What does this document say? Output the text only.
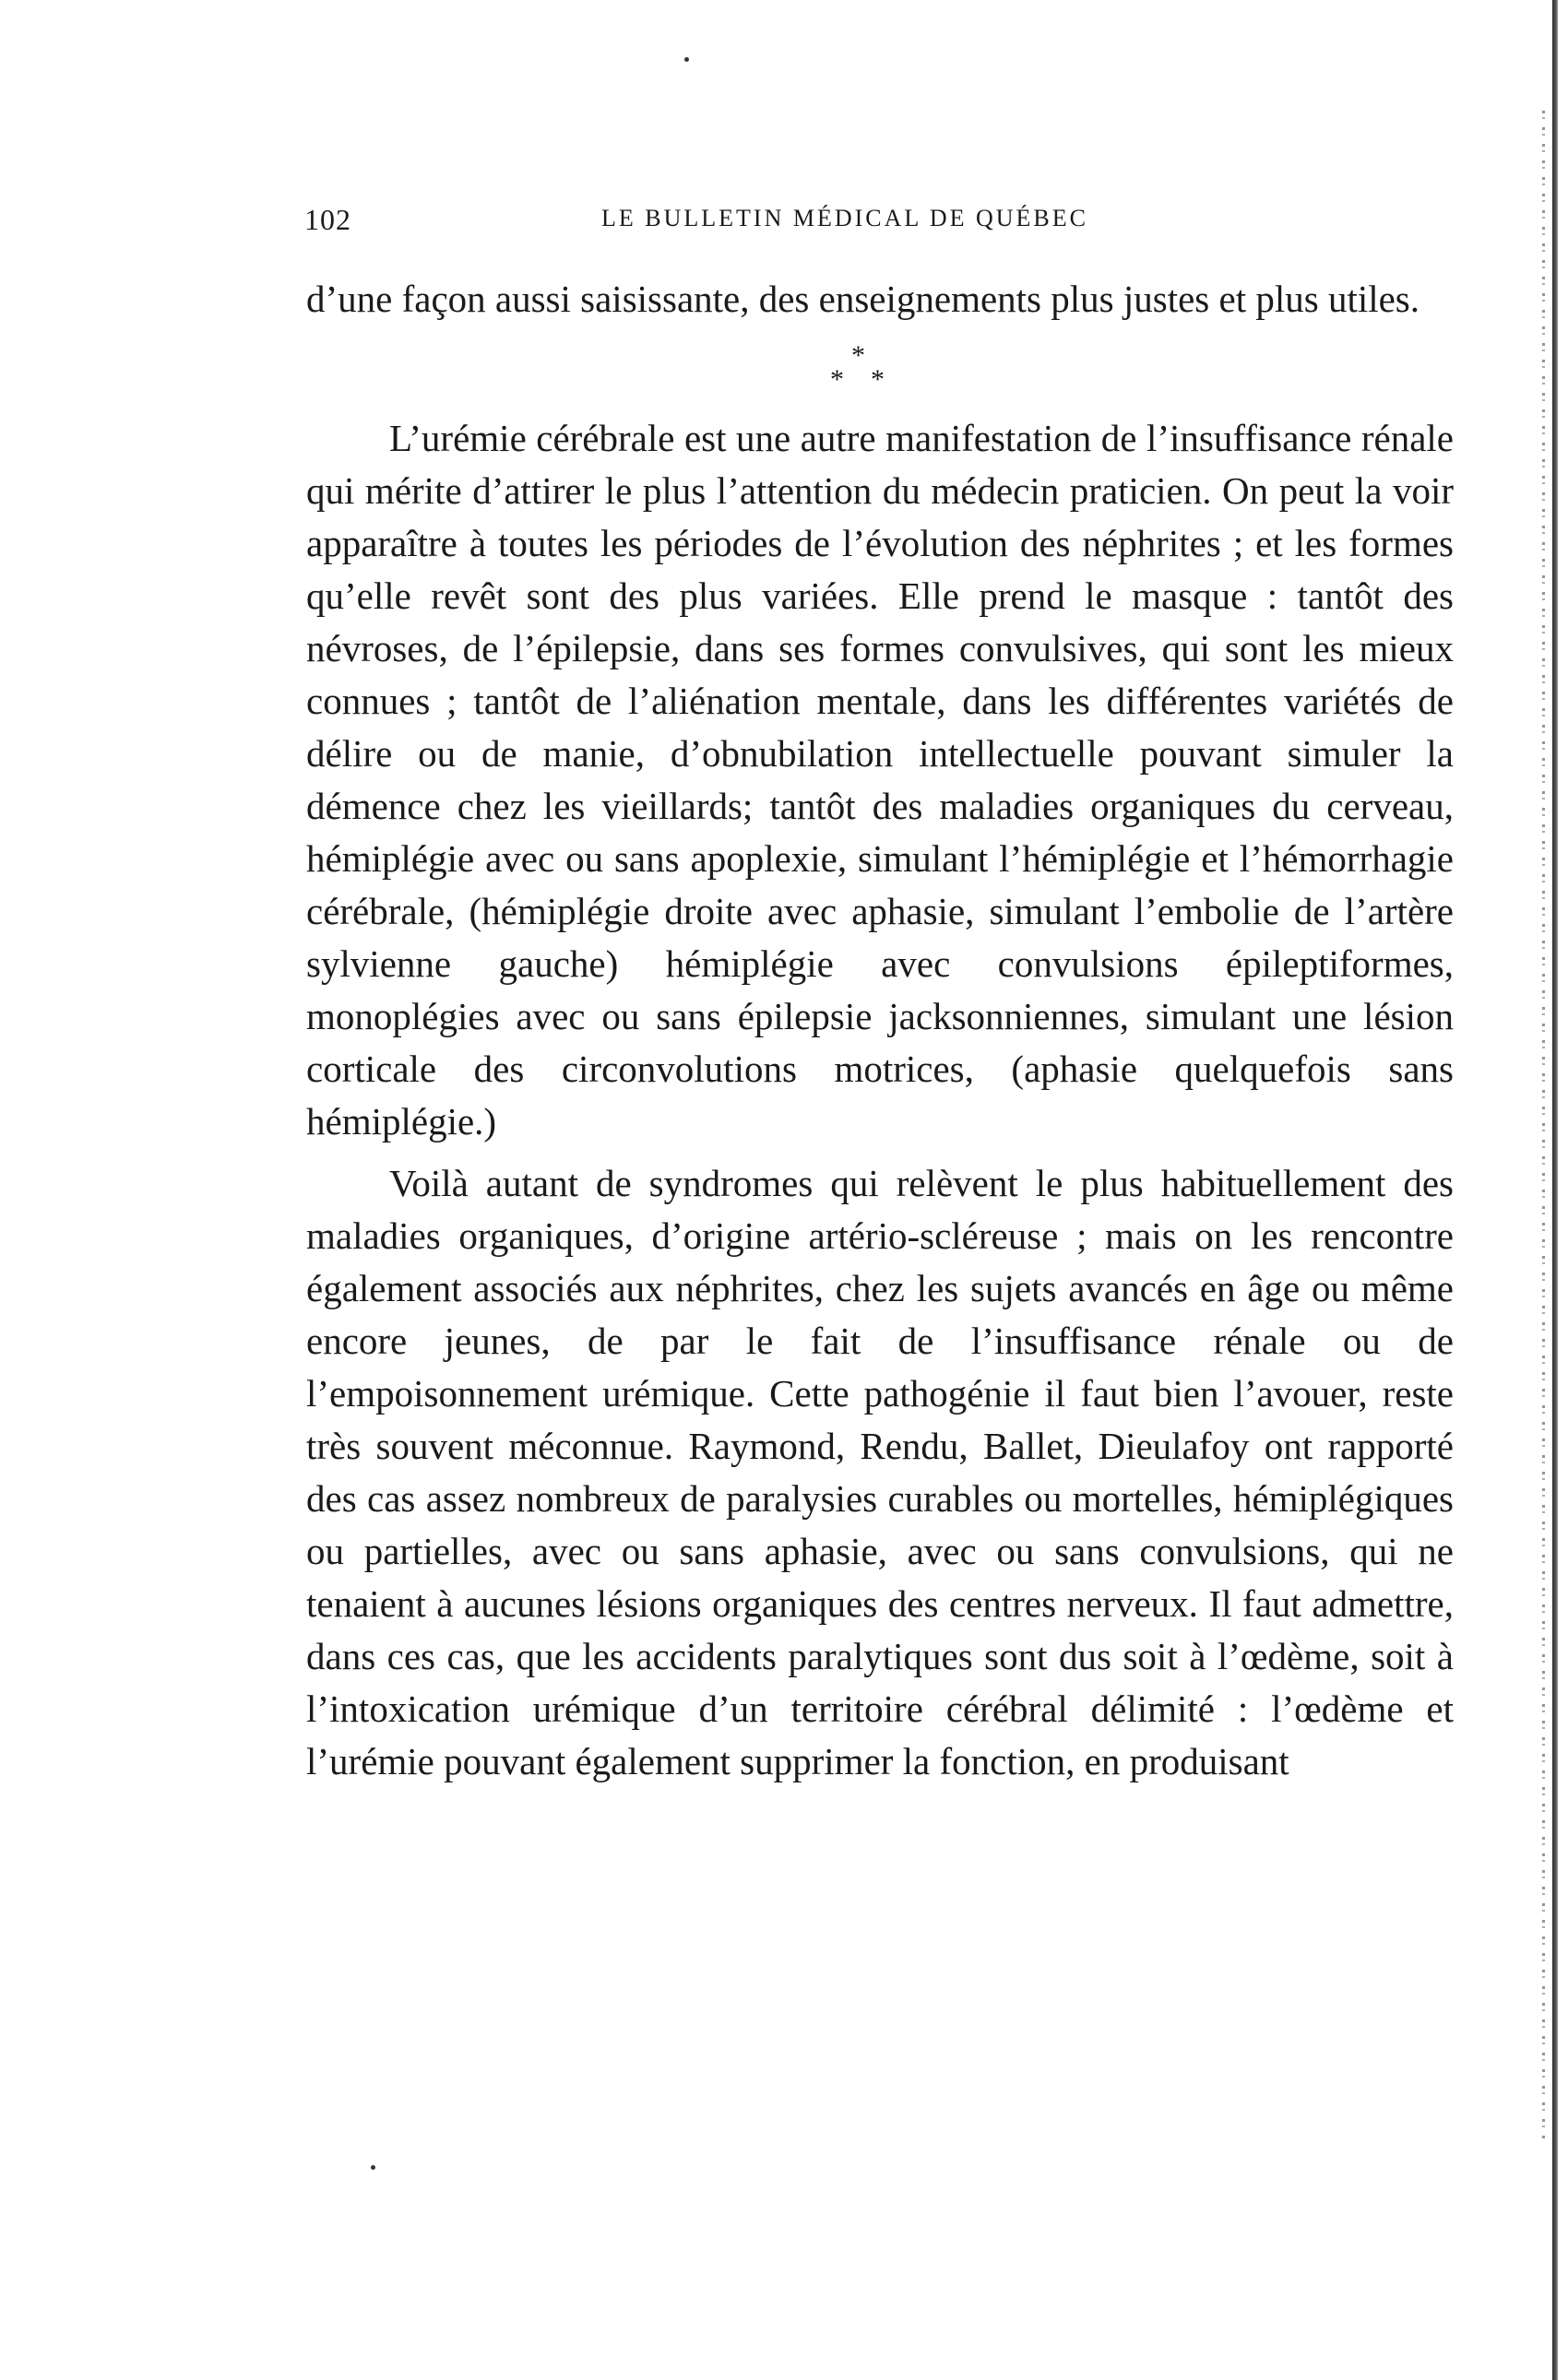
102	LE BULLETIN MÉDICAL DE QUÉBEC

d’une façon aussi saisissante, des enseignements plus justes et plus utiles.

*
* *

L’urémie cérébrale est une autre manifestation de l’insuffisance rénale qui mérite d’attirer le plus l’attention du médecin praticien. On peut la voir apparaître à toutes les périodes de l’évolution des néphrites ; et les formes qu’elle revêt sont des plus variées. Elle prend le masque : tantôt des névroses, de l’épilepsie, dans ses formes convulsives, qui sont les mieux connues ; tantôt de l’aliénation mentale, dans les différentes variétés de délire ou de manie, d’obnubilation intellectuelle pouvant simuler la démence chez les vieillards; tantôt des maladies organiques du cerveau, hémiplégie avec ou sans apoplexie, simulant l’hémiplégie et l’hémorrhagie cérébrale, (hémiplégie droite avec aphasie, simulant l’embolie de l’artère sylvienne gauche) hémiplégie avec convulsions épileptiformes, monoplégies avec ou sans épilepsie jacksonniennes, simulant une lésion corticale des circonvolutions motrices, (aphasie quelquefois sans hémiplégie.)

Voilà autant de syndromes qui relèvent le plus habituellement des maladies organiques, d’origine artério-scléreuse ; mais on les rencontre également associés aux néphrites, chez les sujets avancés en âge ou même encore jeunes, de par le fait de l’insuffisance rénale ou de l’empoisonnement urémique. Cette pathogénie il faut bien l’avouer, reste très souvent méconnue. Raymond, Rendu, Ballet, Dieulafoy ont rapporté des cas assez nombreux de paralysies curables ou mortelles, hémiplégiques ou partielles, avec ou sans aphasie, avec ou sans convulsions, qui ne tenaient à aucunes lésions organiques des centres nerveux. Il faut admettre, dans ces cas, que les accidents paralytiques sont dus soit à l’œdème, soit à l’intoxication urémique d’un territoire cérébral délimité : l’œdème et l’urémie pouvant également supprimer la fonction, en produisant
